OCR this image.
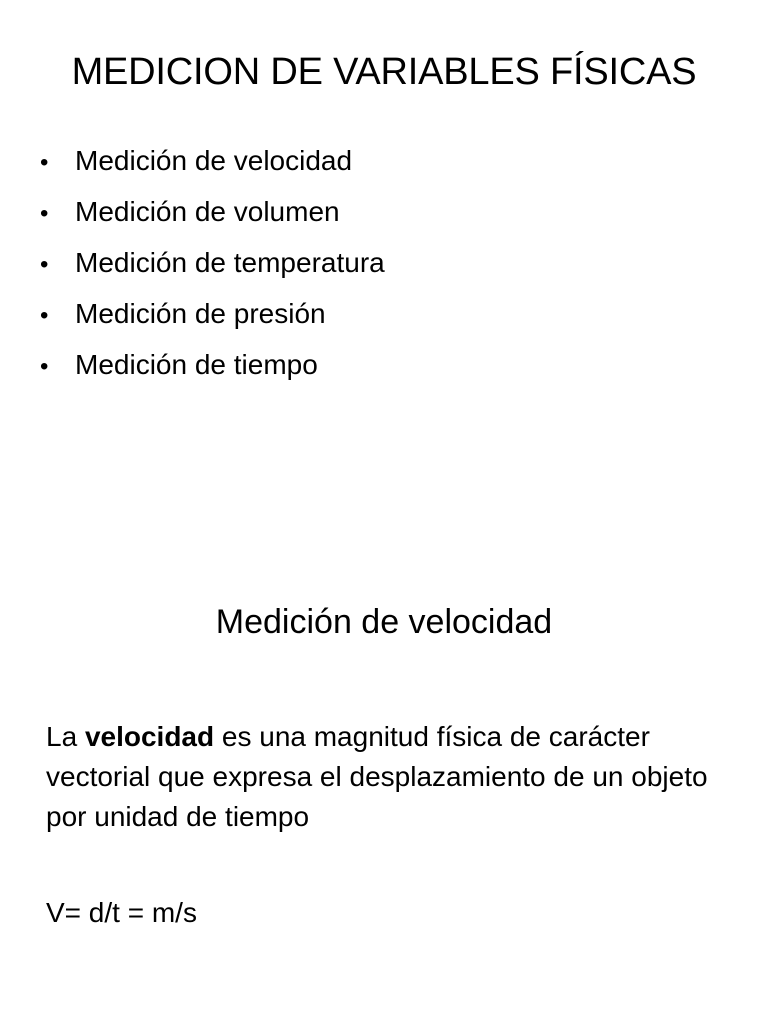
MEDICION DE VARIABLES FÍSICAS
• Medición de velocidad
• Medición de volumen
• Medición de temperatura
• Medición de presión
• Medición de tiempo
Medición de velocidad

La velocidad es una magnitud física de carácter vectorial que expresa el desplazamiento de un objeto por unidad de tiempo

V= d/t = m/s
